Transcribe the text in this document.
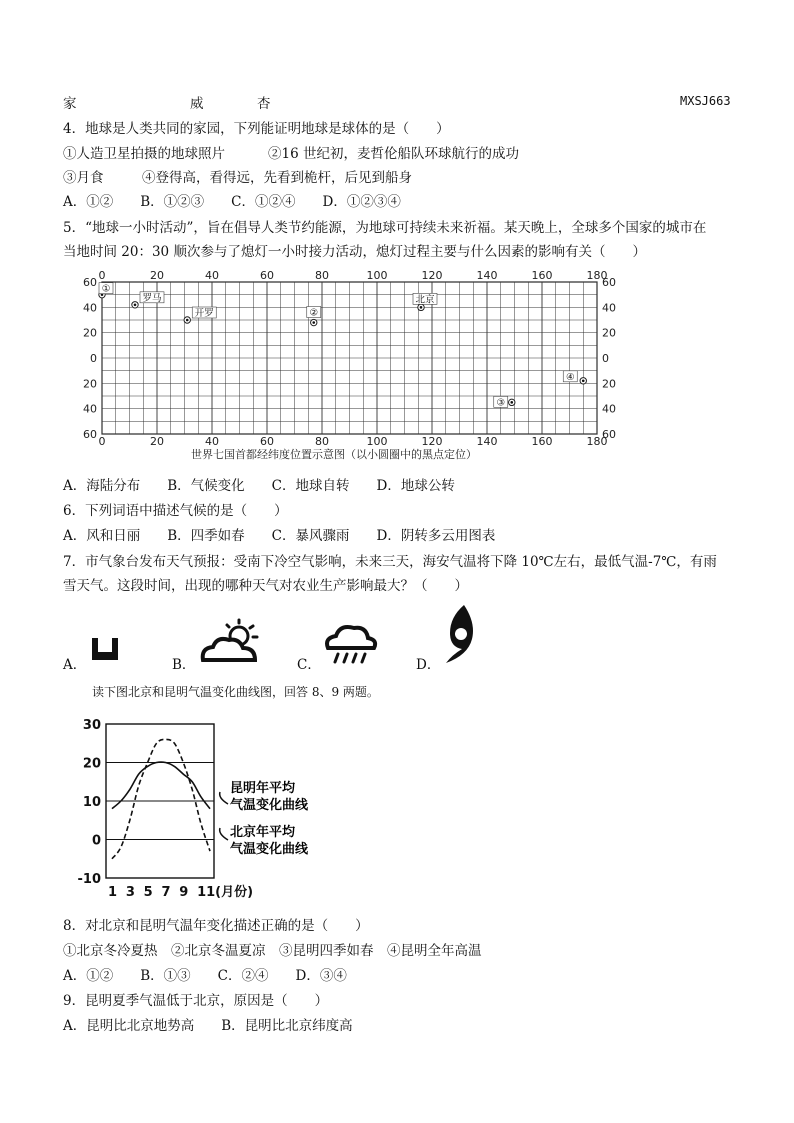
家	威	杏	MXSJ663
4．地球是人类共同的家园，下列能证明地球是球体的是（　　）
①人造卫星拍摄的地球照片	②16 世纪初，麦哲伦船队环球航行的成功
③月食	④登得高，看得远，先看到桅杆，后见到船身
A．①②　　B．①②③　　C．①②④　　D．①②③④
5．“地球一小时活动”，旨在倡导人类节约能源，为地球可持续未来祈福。某天晚上，全球多个国家的城市在
当地时间 20：30 顺次参与了熄灯一小时接力活动，熄灯过程主要与什么因素的影响有关（　　）
0
0
20
20
40
40
60
60
80
80
100
100
120
120
140
140
160
160
180
180
60	60
40	40
20	20
0	0
20	20
40	40
60	60
①
罗马
开罗	②
北京
③
④
世界七国首都经纬度位置示意图（以小圆圈中的黑点定位）
A．海陆分布　　B．气候变化　　C．地球自转　　D．地球公转
6．下列词语中描述气候的是（　　）
A．风和日丽　　B．四季如春　　C．暴风骤雨　　D．阴转多云用图表
7．市气象台发布天气预报：受南下冷空气影响，未来三天，海安气温将下降 10℃左右，最低气温-7℃，有雨
雪天气。这段时间，出现的哪种天气对农业生产影响最大？（　　）
A．	B．	C．	D．
读下图北京和昆明气温变化曲线图，回答 8、9 两题。
30
20
10
0
-10
1 3 5 7 9 11(月份)
昆明年平均
气温变化曲线
北京年平均
气温变化曲线
8．对北京和昆明气温年变化描述正确的是（　　）
①北京冬冷夏热　②北京冬温夏凉　③昆明四季如春　④昆明全年高温
A．①②　　B．①③　　C．②④　　D．③④
9．昆明夏季气温低于北京，原因是（　　）
A．昆明比北京地势高　　B．昆明比北京纬度高
